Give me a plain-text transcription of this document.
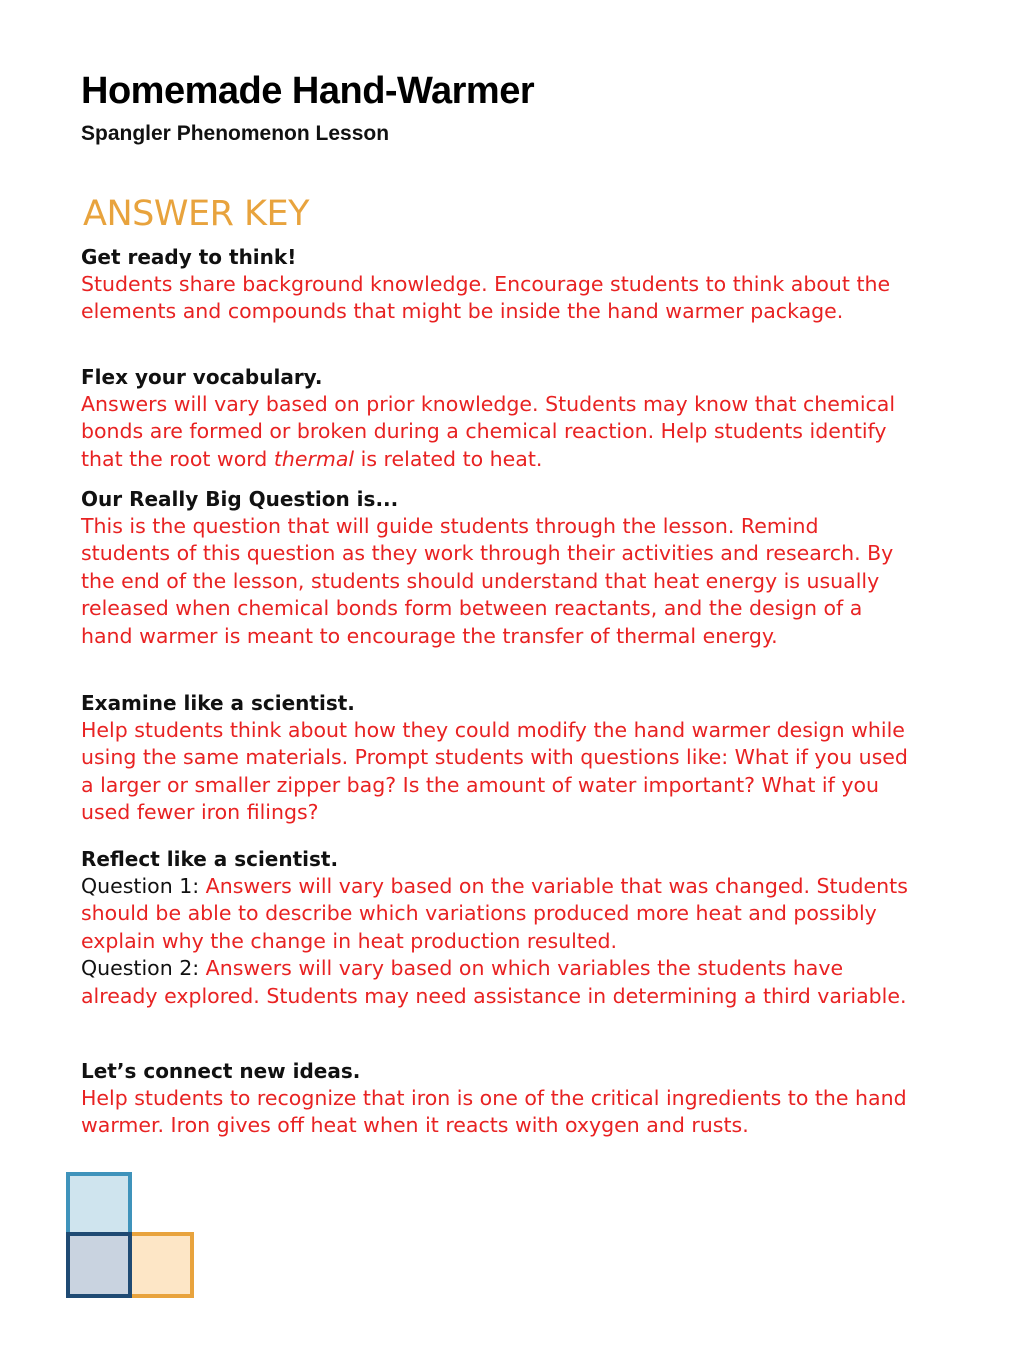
Homemade Hand-Warmer
Spangler Phenomenon Lesson
ANSWER KEY

Get ready to think!

Students share background knowledge. Encourage students to think about the
elements and compounds that might be inside the hand warmer package.

Flex your vocabulary.

Answers will vary based on prior knowledge. Students may know that chemical
bonds are formed or broken during a chemical reaction. Help students identify
that the root word thermal is related to heat.

Our Really Big Question is...

This is the question that will guide students through the lesson. Remind
students of this question as they work through their activities and research. By
the end of the lesson, students should understand that heat energy is usually
released when chemical bonds form between reactants, and the design of a
hand warmer is meant to encourage the transfer of thermal energy.

Examine like a scientist.

Help students think about how they could modify the hand warmer design while
using the same materials. Prompt students with questions like: What if you used
a larger or smaller zipper bag? Is the amount of water important? What if you
used fewer iron filings?

Reflect like a scientist.

Question 1: Answers will vary based on the variable that was changed. Students
should be able to describe which variations produced more heat and possibly
explain why the change in heat production resulted.
Question 2: Answers will vary based on which variables the students have
already explored. Students may need assistance in determining a third variable.

Let’s connect new ideas.

Help students to recognize that iron is one of the critical ingredients to the hand
warmer. Iron gives off heat when it reacts with oxygen and rusts.
